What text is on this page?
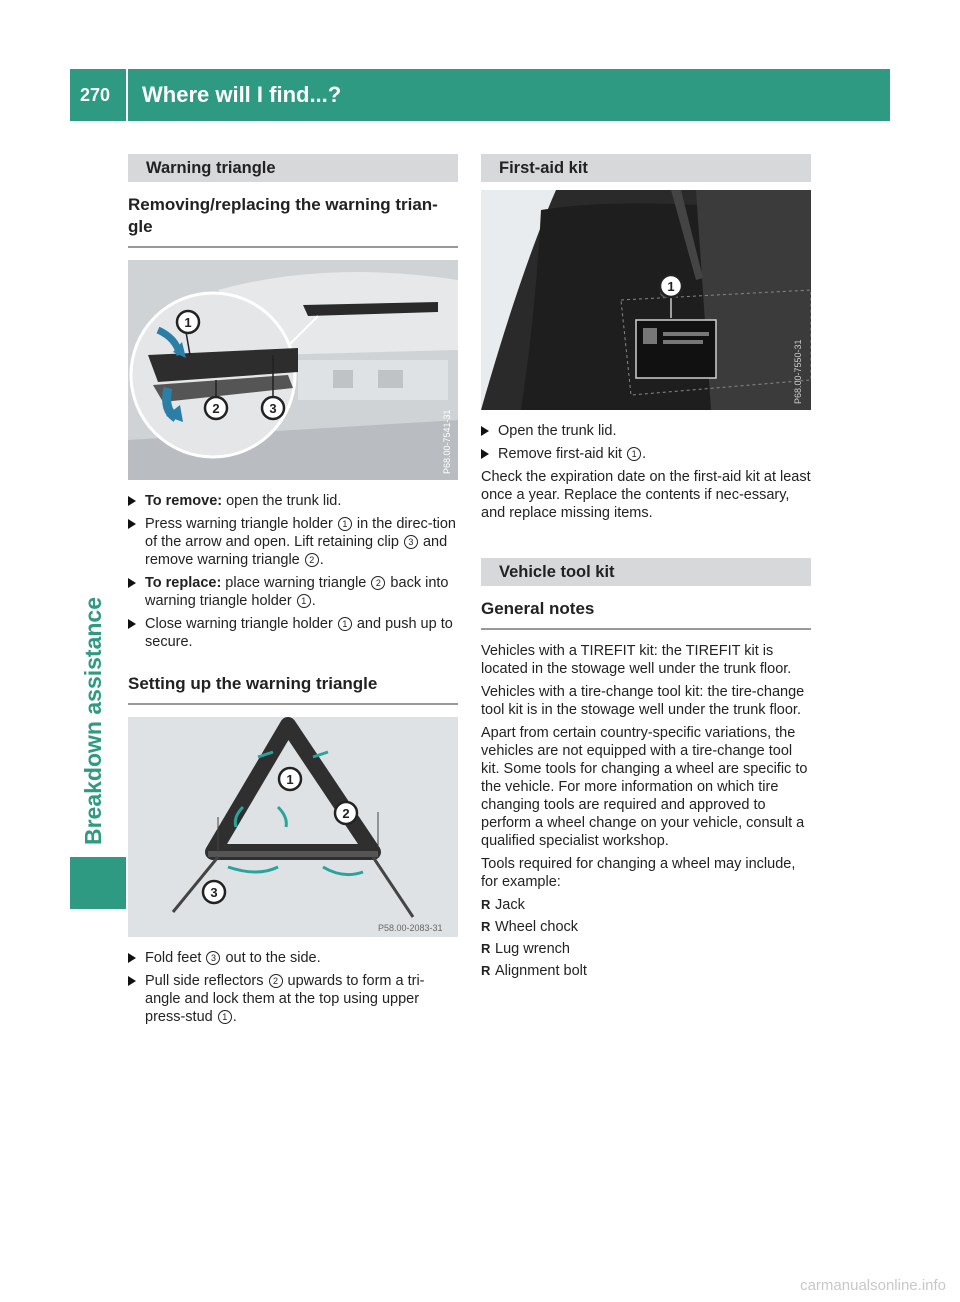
270 Where will I find...?
Breakdown assistance
Warning triangle
Removing/replacing the warning trian-gle
1
2	3
P68.00-7541-31
To remove: open the trunk lid.
Press warning triangle holder 1 in the direc-tion of the arrow and open. Lift retaining clip 3 and remove warning triangle 2 .
To replace: place warning triangle 2 back into warning triangle holder 1 .
Close warning triangle holder 1 and push up to secure.
Setting up the warning triangle
1
2
3
P58.00-2083-31
Fold feet 3 out to the side.
Pull side reflectors 2 upwards to form a tri-angle and lock them at the top using upper press-stud 1 .
First-aid kit
1
P68.00-7550-31
Open the trunk lid.
Remove first-aid kit 1 .

Check the expiration date on the first-aid kit at least once a year. Replace the contents if nec-essary, and replace missing items.

Vehicle tool kit
General notes

Vehicles with a TIREFIT kit: the TIREFIT kit is located in the stowage well under the trunk floor.

Vehicles with a tire-change tool kit: the tire-change tool kit is in the stowage well under the trunk floor.

Apart from certain country-specific variations, the vehicles are not equipped with a tire-change tool kit. Some tools for changing a wheel are specific to the vehicle. For more information on which tire changing tools are required and approved to perform a wheel change on your vehicle, consult a qualified specialist workshop.

Tools required for changing a wheel may include, for example:

R Jack
R Wheel chock
R Lug wrench
R Alignment bolt
carmanualsonline.info
